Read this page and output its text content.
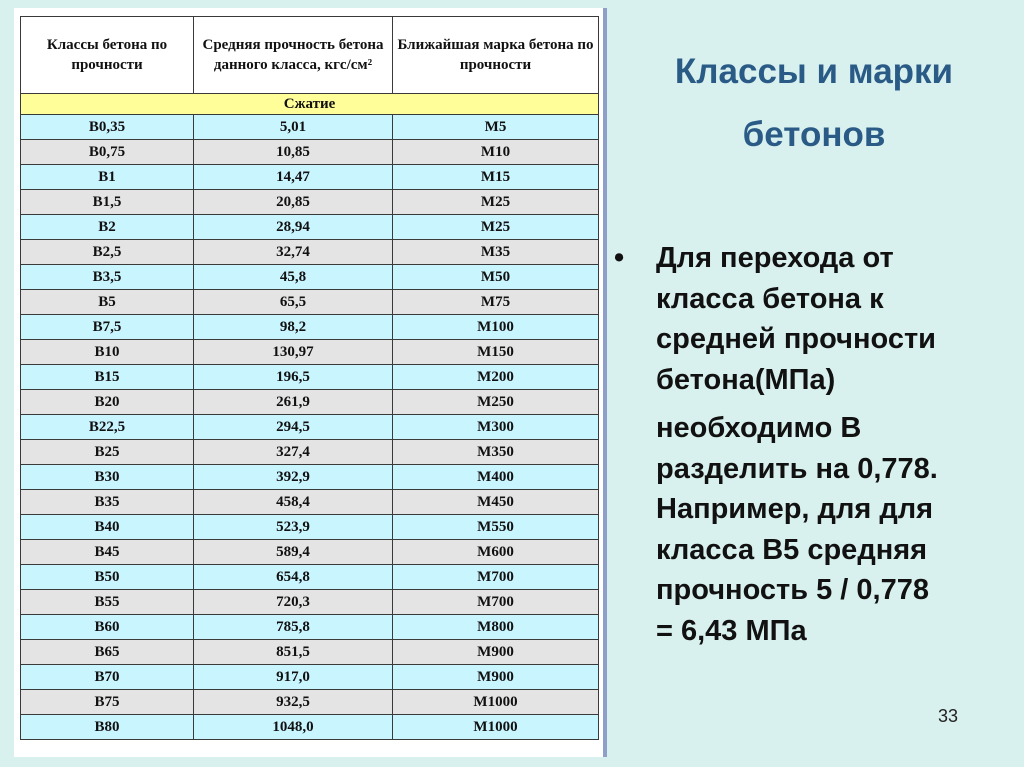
Классы бетона по прочности	Средняя прочность бетона данного класса, кгс/см²	Ближайшая марка бетона по прочности
Сжатие		
В0,35	5,01	М5
В0,75	10,85	М10
В1	14,47	М15
В1,5	20,85	М25
В2	28,94	М25
В2,5	32,74	М35
В3,5	45,8	М50
В5	65,5	М75
В7,5	98,2	М100
В10	130,97	М150
В15	196,5	М200
В20	261,9	М250
В22,5	294,5	М300
В25	327,4	М350
В30	392,9	М400
В35	458,4	М450
В40	523,9	М550
В45	589,4	М600
В50	654,8	М700
В55	720,3	М700
В60	785,8	М800
В65	851,5	М900
В70	917,0	М900
В75	932,5	М1000
В80	1048,0	М1000
Классы и марки
бетонов
• Для перехода от
класса бетона к
средней прочности
бетона(МПа)
необходимо В
разделить на 0,778.
Например, для для
класса В5 средняя
прочность 5 / 0,778
= 6,43 МПа
33
